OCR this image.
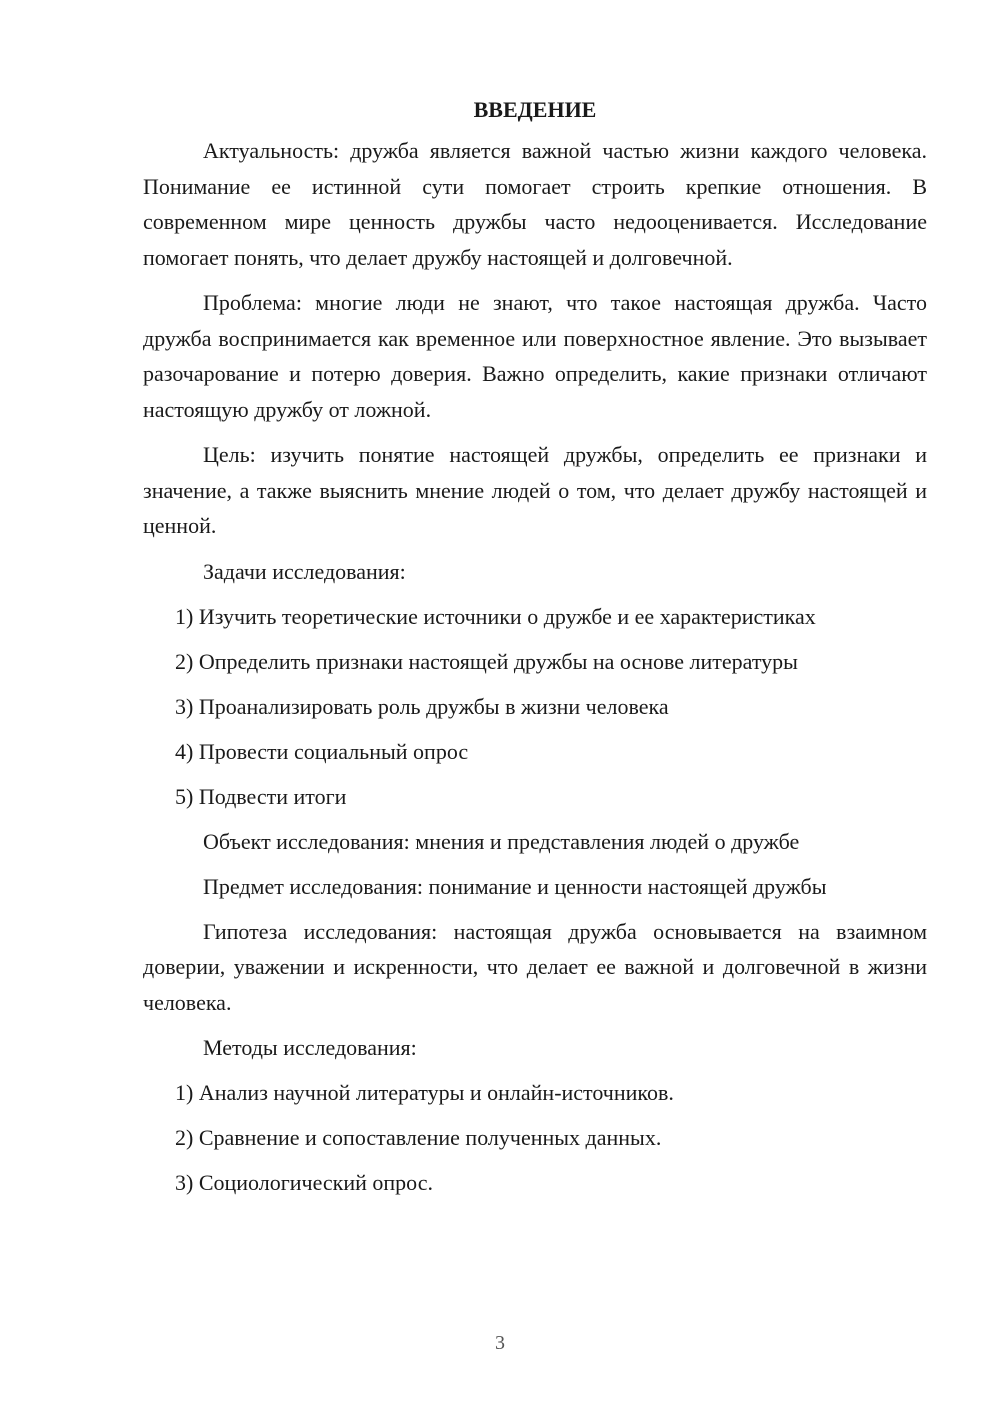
ВВЕДЕНИЕ

Актуальность: дружба является важной частью жизни каждого человека. Понимание ее истинной сути помогает строить крепкие отношения. В современном мире ценность дружбы часто недооценивается. Исследование помогает понять, что делает дружбу настоящей и долговечной.

Проблема: многие люди не знают, что такое настоящая дружба. Часто дружба воспринимается как временное или поверхностное явление. Это вызывает разочарование и потерю доверия. Важно определить, какие признаки отличают настоящую дружбу от ложной.

Цель: изучить понятие настоящей дружбы, определить ее признаки и значение, а также выяснить мнение людей о том, что делает дружбу настоящей и ценной.

Задачи исследования:

1) Изучить теоретические источники о дружбе и ее характеристиках
2) Определить признаки настоящей дружбы на основе литературы
3) Проанализировать роль дружбы в жизни человека
4) Провести социальный опрос
5) Подвести итоги

Объект исследования: мнения и представления людей о дружбе

Предмет исследования: понимание и ценности настоящей дружбы

Гипотеза исследования: настоящая дружба основывается на взаимном доверии, уважении и искренности, что делает ее важной и долговечной в жизни человека.

Методы исследования:

1) Анализ научной литературы и онлайн-источников.
2) Сравнение и сопоставление полученных данных.
3) Социологический опрос.
3
